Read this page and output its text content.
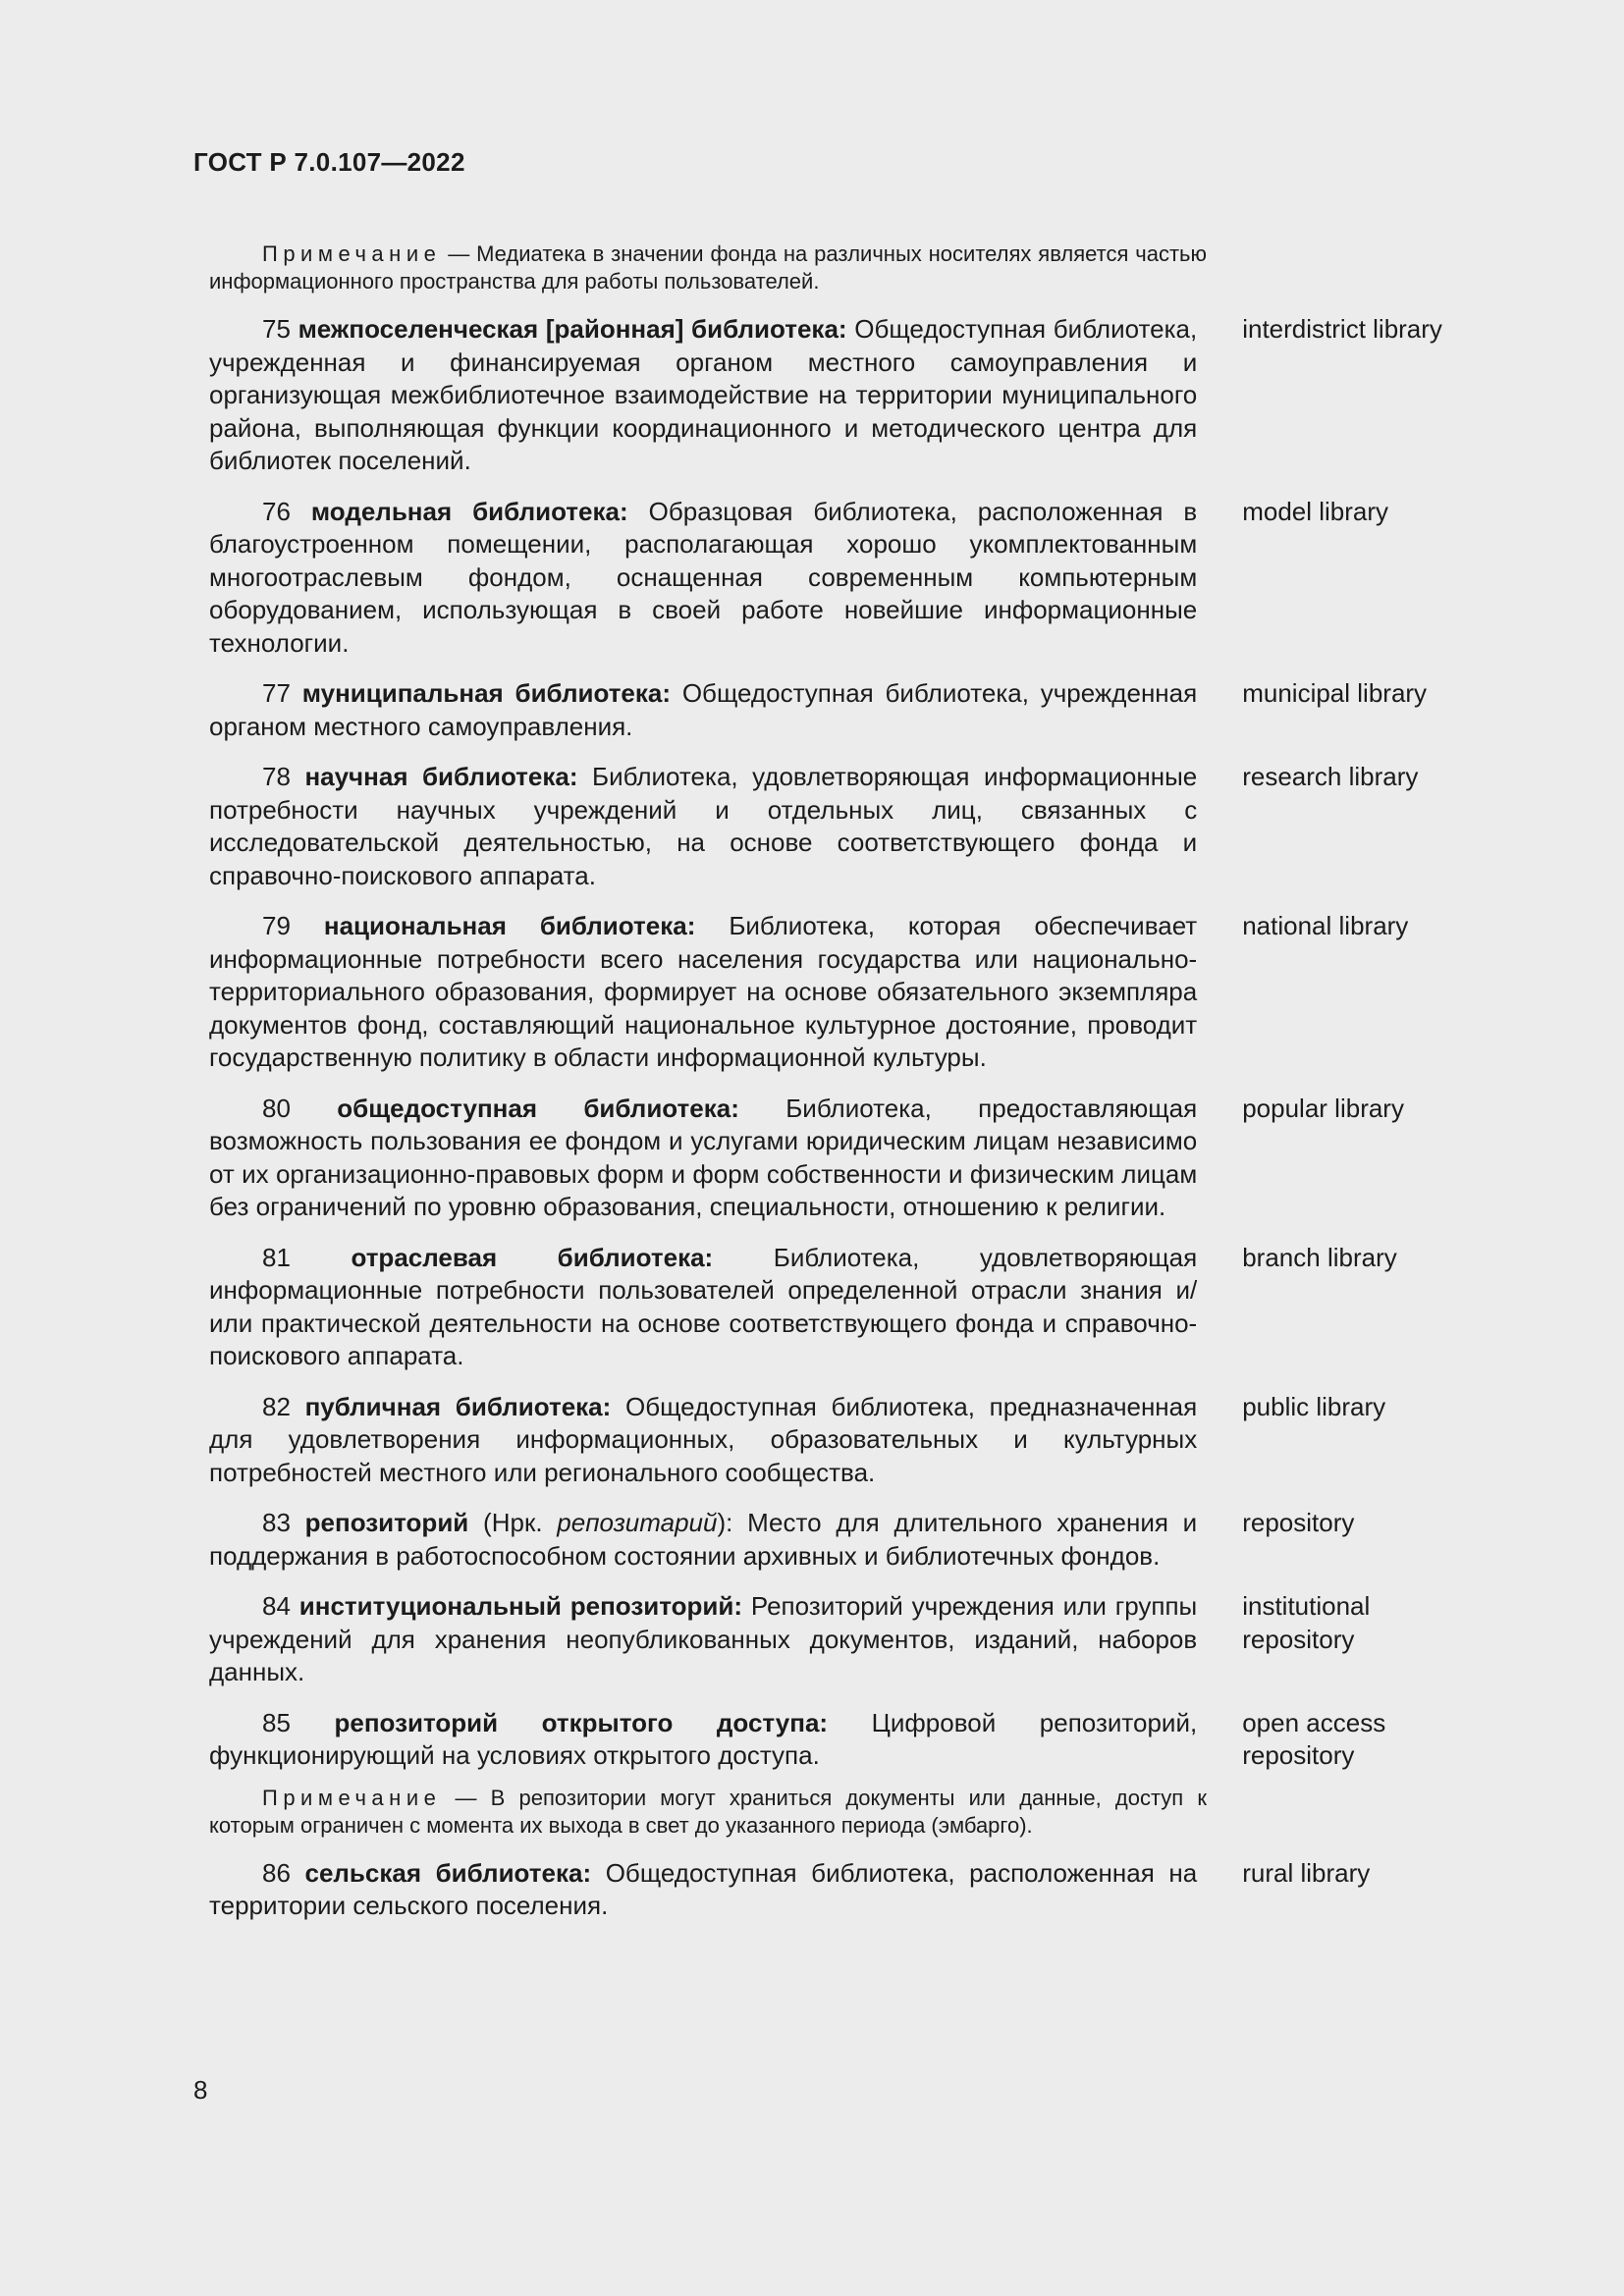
ГОСТ Р 7.0.107—2022
Примечание — Медиатека в значении фонда на различных носителях является частью информационного пространства для работы пользователей.
75 межпоселенческая [районная] библиотека: Общедоступная библиотека, учрежденная и финансируемая органом местного самоуправления и организующая межбиблиотечное взаимодействие на территории муниципального района, выполняющая функции координационного и методического центра для библиотек поселений.
interdistrict library
76 модельная библиотека: Образцовая библиотека, расположенная в благоустроенном помещении, располагающая хорошо укомплектованным многоотраслевым фондом, оснащенная современным компьютерным оборудованием, использующая в своей работе новейшие информационные технологии.
model library
77 муниципальная библиотека: Общедоступная библиотека, учрежденная органом местного самоуправления.
municipal library
78 научная библиотека: Библиотека, удовлетворяющая информационные потребности научных учреждений и отдельных лиц, связанных с исследовательской деятельностью, на основе соответствующего фонда и справочно-поискового аппарата.
research library
79 национальная библиотека: Библиотека, которая обеспечивает информационные потребности всего населения государства или национально-территориального образования, формирует на основе обязательного экземпляра документов фонд, составляющий национальное культурное достояние, проводит государственную политику в области информационной культуры.
national library
80 общедоступная библиотека: Библиотека, предоставляющая возможность пользования ее фондом и услугами юридическим лицам независимо от их организационно-правовых форм и форм собственности и физическим лицам без ограничений по уровню образования, специальности, отношению к религии.
popular library
81 отраслевая библиотека: Библиотека, удовлетворяющая информационные потребности пользователей определенной отрасли знания и/или практической деятельности на основе соответствующего фонда и справочно-поискового аппарата.
branch library
82 публичная библиотека: Общедоступная библиотека, предназначенная для удовлетворения информационных, образовательных и культурных потребностей местного или регионального сообщества.
public library
83 репозиторий (Нрк. репозитарий): Место для длительного хранения и поддержания в работоспособном состоянии архивных и библиотечных фондов.
repository
84 институциональный репозиторий: Репозиторий учреждения или группы учреждений для хранения неопубликованных документов, изданий, наборов данных.
institutional
repository
85 репозиторий открытого доступа: Цифровой репозиторий, функционирующий на условиях открытого доступа.
open access
repository
Примечание — В репозитории могут храниться документы или данные, доступ к которым ограничен с момента их выхода в свет до указанного периода (эмбарго).
86 сельская библиотека: Общедоступная библиотека, расположенная на территории сельского поселения.
rural library
8
